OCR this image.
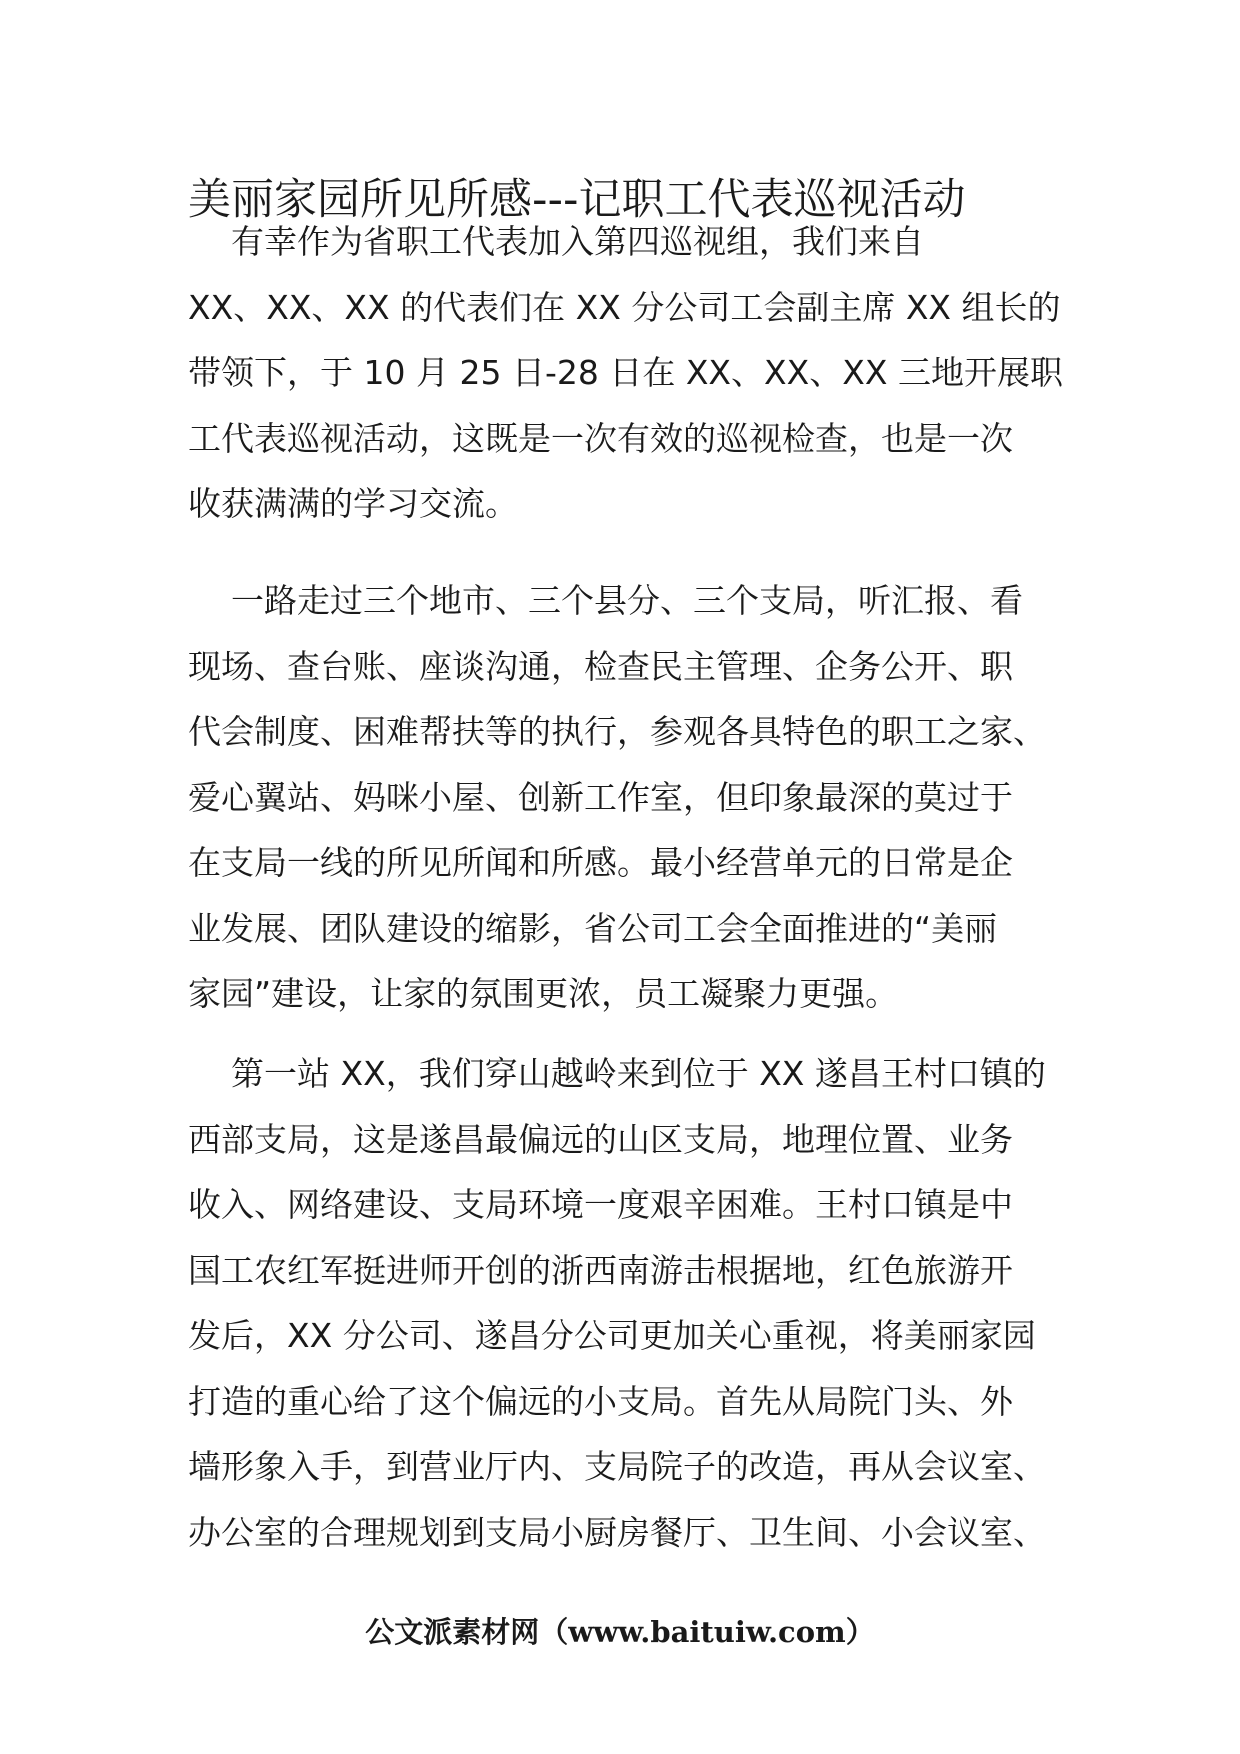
美丽家园所见所感---记职工代表巡视活动
有幸作为省职工代表加入第四巡视组，我们来自
XX、XX、XX 的代表们在 XX 分公司工会副主席 XX 组长的
带领下，于 10 月 25 日-28 日在 XX、XX、XX 三地开展职
工代表巡视活动，这既是一次有效的巡视检查，也是一次
收获满满的学习交流。
一路走过三个地市、三个县分、三个支局，听汇报、看
现场、查台账、座谈沟通，检查民主管理、企务公开、职
代会制度、困难帮扶等的执行，参观各具特色的职工之家、
爱心翼站、妈咪小屋、创新工作室，但印象最深的莫过于
在支局一线的所见所闻和所感。最小经营单元的日常是企
业发展、团队建设的缩影，省公司工会全面推进的“美丽
家园”建设，让家的氛围更浓，员工凝聚力更强。
第一站 XX，我们穿山越岭来到位于 XX 遂昌王村口镇的
西部支局，这是遂昌最偏远的山区支局，地理位置、业务
收入、网络建设、支局环境一度艰辛困难。王村口镇是中
国工农红军挺进师开创的浙西南游击根据地，红色旅游开
发后，XX 分公司、遂昌分公司更加关心重视，将美丽家园
打造的重心给了这个偏远的小支局。首先从局院门头、外
墙形象入手，到营业厅内、支局院子的改造，再从会议室、
办公室的合理规划到支局小厨房餐厅、卫生间、小会议室、
公文派素材网（www.baituiw.com）
